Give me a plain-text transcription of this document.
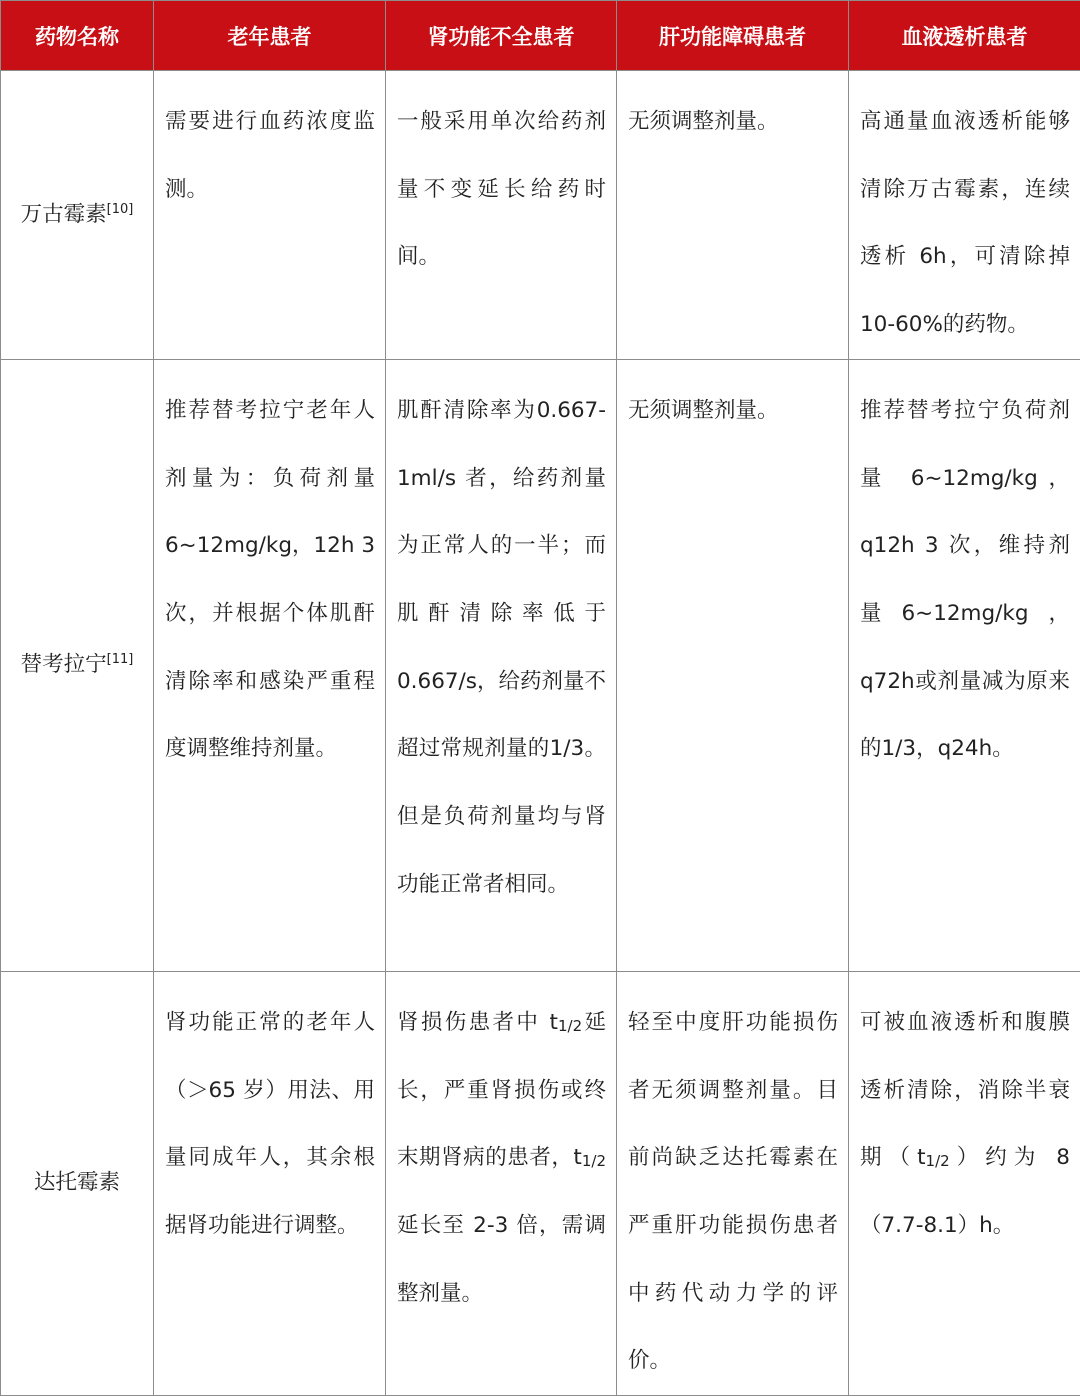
药物名称	老年患者	肾功能不全患者	肝功能障碍患者	血液透析患者
万古霉素[10]	需要进行血药浓度监测。	一般采用单次给药剂量不变延长给药时间。	无须调整剂量。	高通量血液透析能够清除万古霉素，连续透析 6h，可清除掉10-60%的药物。
替考拉宁[11]	推荐替考拉宁老年人剂量为：负荷剂量6~12mg/kg，12h 3次，并根据个体肌酐清除率和感染严重程度调整维持剂量。	肌酐清除率为0.667-1ml/s 者，给药剂量为正常人的一半；而肌酐清除率低于 0.667/s，给药剂量不超过常规剂量的1/3。但是负荷剂量均与肾功能正常者相同。	无须调整剂量。	推荐替考拉宁负荷剂量　6~12mg/kg ，q12h 3 次，维持剂量6~12mg/kg，q72h或剂量减为原来的1/3，q24h。
达托霉素	肾功能正常的老年人（＞65 岁）用法、用量同成年人，其余根据肾功能进行调整。	肾损伤患者中 $t_{1/2}$延长，严重肾损伤或终末期肾病的患者，$t_{1/2}$延长至 2-3 倍，需调整剂量。	轻至中度肝功能损伤者无须调整剂量。目前尚缺乏达托霉素在严重肝功能损伤患者中药代动力学的评价。	可被血液透析和腹膜透析清除，消除半衰期$(t_{1/2})$约为 8（7.7-8.1）h。
